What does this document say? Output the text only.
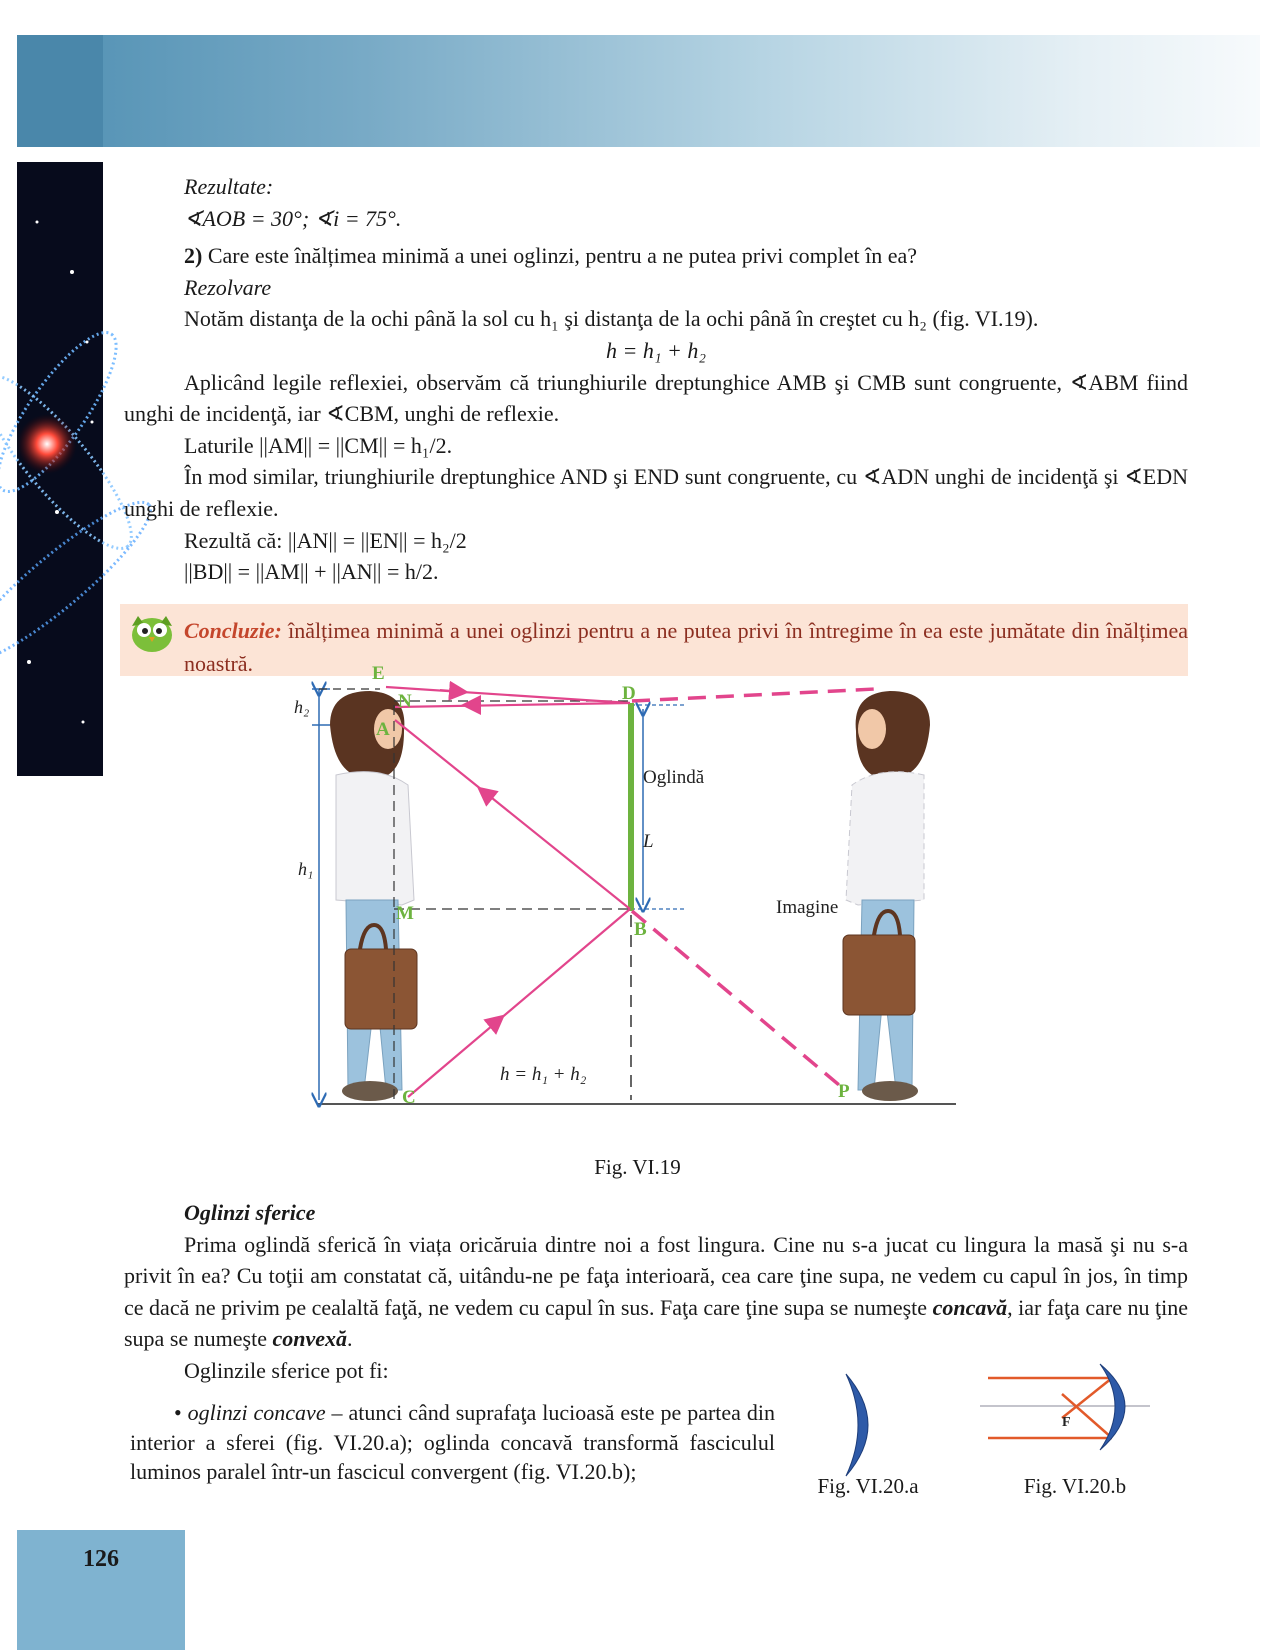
Rezultate:

∢AOB = 30°; ∢i = 75°.

2) Care este înălțimea minimă a unei oglinzi, pentru a ne putea privi complet în ea?

Rezolvare

Notăm distanţa de la ochi până la sol cu h₁ şi distanţa de la ochi până în creştet cu h₂ (fig. VI.19).

h = h₁ + h₂

Aplicând legile reflexiei, observăm că triunghiurile dreptunghice AMB şi CMB sunt congruente, ∢ABM fiind unghi de incidenţă, iar ∢CBM, unghi de reflexie.

Laturile ||AM|| = ||CM|| = h₁/2.

În mod similar, triunghiurile dreptunghice AND şi END sunt congruente, cu ∢ADN unghi de incidenţă şi ∢EDN unghi de reflexie.

Rezultă că: ||AN|| = ||EN|| = h₂/2

||BD|| = ||AM|| + ||AN|| = h/2.

Concluzie: înălțimea minimă a unei oglinzi pentru a ne putea privi în întregime în ea este jumătate din înălțimea noastră.	E
N
A
D
M
B
C	P
h₂
h₁
Oglindă
L
Imagine
h = h₁ + h₂
Fig. VI.19

Oglinzi sferice

Prima oglindă sferică în viața oricăruia dintre noi a fost lingura. Cine nu s-a jucat cu lingura la masă şi nu s-a privit în ea? Cu toţii am constatat că, uitându-ne pe faţa interioară, cea care ţine supa, ne vedem cu capul în jos, în timp ce dacă ne privim pe cealaltă faţă, ne vedem cu capul în sus. Faţa care ţine supa se numeşte concavă, iar faţa care nu ţine supa se numeşte convexă.

Oglinzile sferice pot fi:

• oglinzi concave – atunci când suprafaţa lucioasă este pe partea din interior a sferei (fig. VI.20.a); oglinda concavă transformă fasciculul luminos paralel într-un fascicul convergent (fig. VI.20.b);
Fig. VI.20.a
F
Fig. VI.20.b
126
